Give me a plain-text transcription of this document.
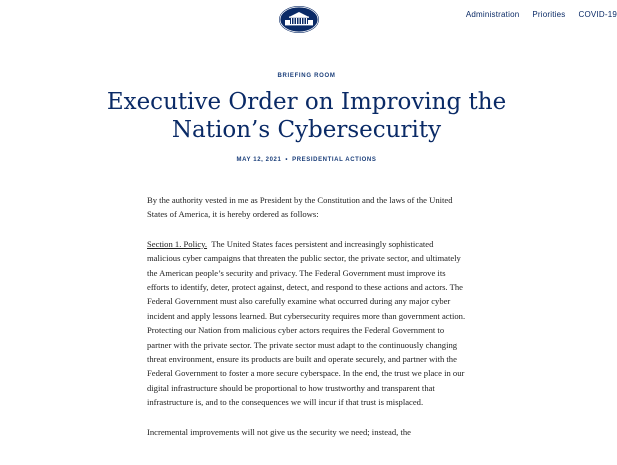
Administration Priorities COVID-19
BRIEFING ROOM
Executive Order on Improving the Nation’s Cybersecurity
MAY 12, 2021 • PRESIDENTIAL ACTIONS

By the authority vested in me as President by the Constitution and the laws of the United States of America, it is hereby ordered as follows:

Section 1. Policy. The United States faces persistent and increasingly sophisticated malicious cyber campaigns that threaten the public sector, the private sector, and ultimately the American people’s security and privacy. The Federal Government must improve its efforts to identify, deter, protect against, detect, and respond to these actions and actors. The Federal Government must also carefully examine what occurred during any major cyber incident and apply lessons learned. But cybersecurity requires more than government action. Protecting our Nation from malicious cyber actors requires the Federal Government to partner with the private sector. The private sector must adapt to the continuously changing threat environment, ensure its products are built and operate securely, and partner with the Federal Government to foster a more secure cyberspace. In the end, the trust we place in our digital infrastructure should be proportional to how trustworthy and transparent that infrastructure is, and to the consequences we will incur if that trust is misplaced.

Incremental improvements will not give us the security we need; instead, the
